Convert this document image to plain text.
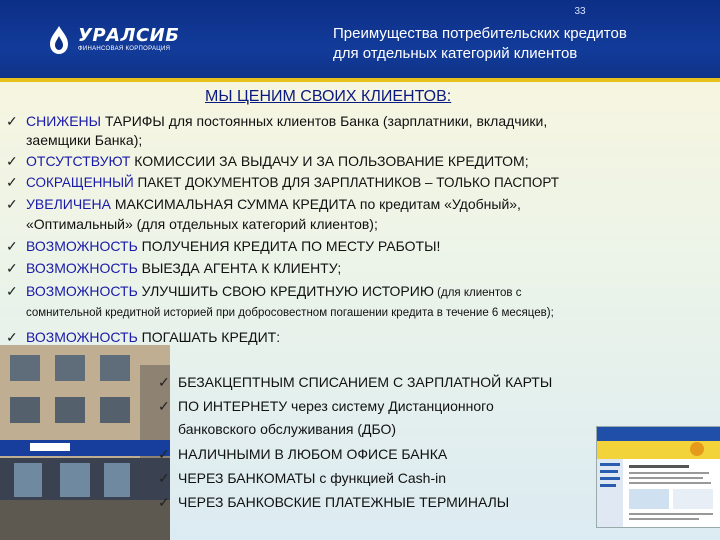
33
УРАЛСИБ
ФИНАНСОВАЯ КОРПОРАЦИЯ
Преимущества потребительских кредитов
для отдельных категорий клиентов
МЫ ЦЕНИМ СВОИХ КЛИЕНТОВ:
✓ СНИЖЕНЫ ТАРИФЫ для постоянных клиентов Банка (зарплатники, вкладчики,
заемщики Банка);
✓ ОТСУТСТВУЮТ КОМИССИИ ЗА ВЫДАЧУ И ЗА ПОЛЬЗОВАНИЕ КРЕДИТОМ;
✓ СОКРАЩЕННЫЙ ПАКЕТ ДОКУМЕНТОВ ДЛЯ ЗАРПЛАТНИКОВ – ТОЛЬКО ПАСПОРТ
✓ УВЕЛИЧЕНА МАКСИМАЛЬНАЯ СУММА КРЕДИТА по кредитам «Удобный»,
«Оптимальный» (для отдельных категорий клиентов);
✓ ВОЗМОЖНОСТЬ ПОЛУЧЕНИЯ КРЕДИТА ПО МЕСТУ РАБОТЫ!
✓ ВОЗМОЖНОСТЬ ВЫЕЗДА АГЕНТА К КЛИЕНТУ;
✓ ВОЗМОЖНОСТЬ УЛУЧШИТЬ СВОЮ КРЕДИТНУЮ ИСТОРИЮ (для клиентов с
сомнительной кредитной историей при добросовестном погашении кредита в течение 6 месяцев);
✓ ВОЗМОЖНОСТЬ ПОГАШАТЬ КРЕДИТ:
✓ БЕЗАКЦЕПТНЫМ СПИСАНИЕМ С ЗАРПЛАТНОЙ КАРТЫ
✓ ПО ИНТЕРНЕТУ через систему Дистанционного
банковского обслуживания (ДБО)
✓ НАЛИЧНЫМИ В ЛЮБОМ ОФИСЕ БАНКА
✓ ЧЕРЕЗ БАНКОМАТЫ с функцией Cash-in
✓ ЧЕРЕЗ БАНКОВСКИЕ ПЛАТЕЖНЫЕ ТЕРМИНАЛЫ
